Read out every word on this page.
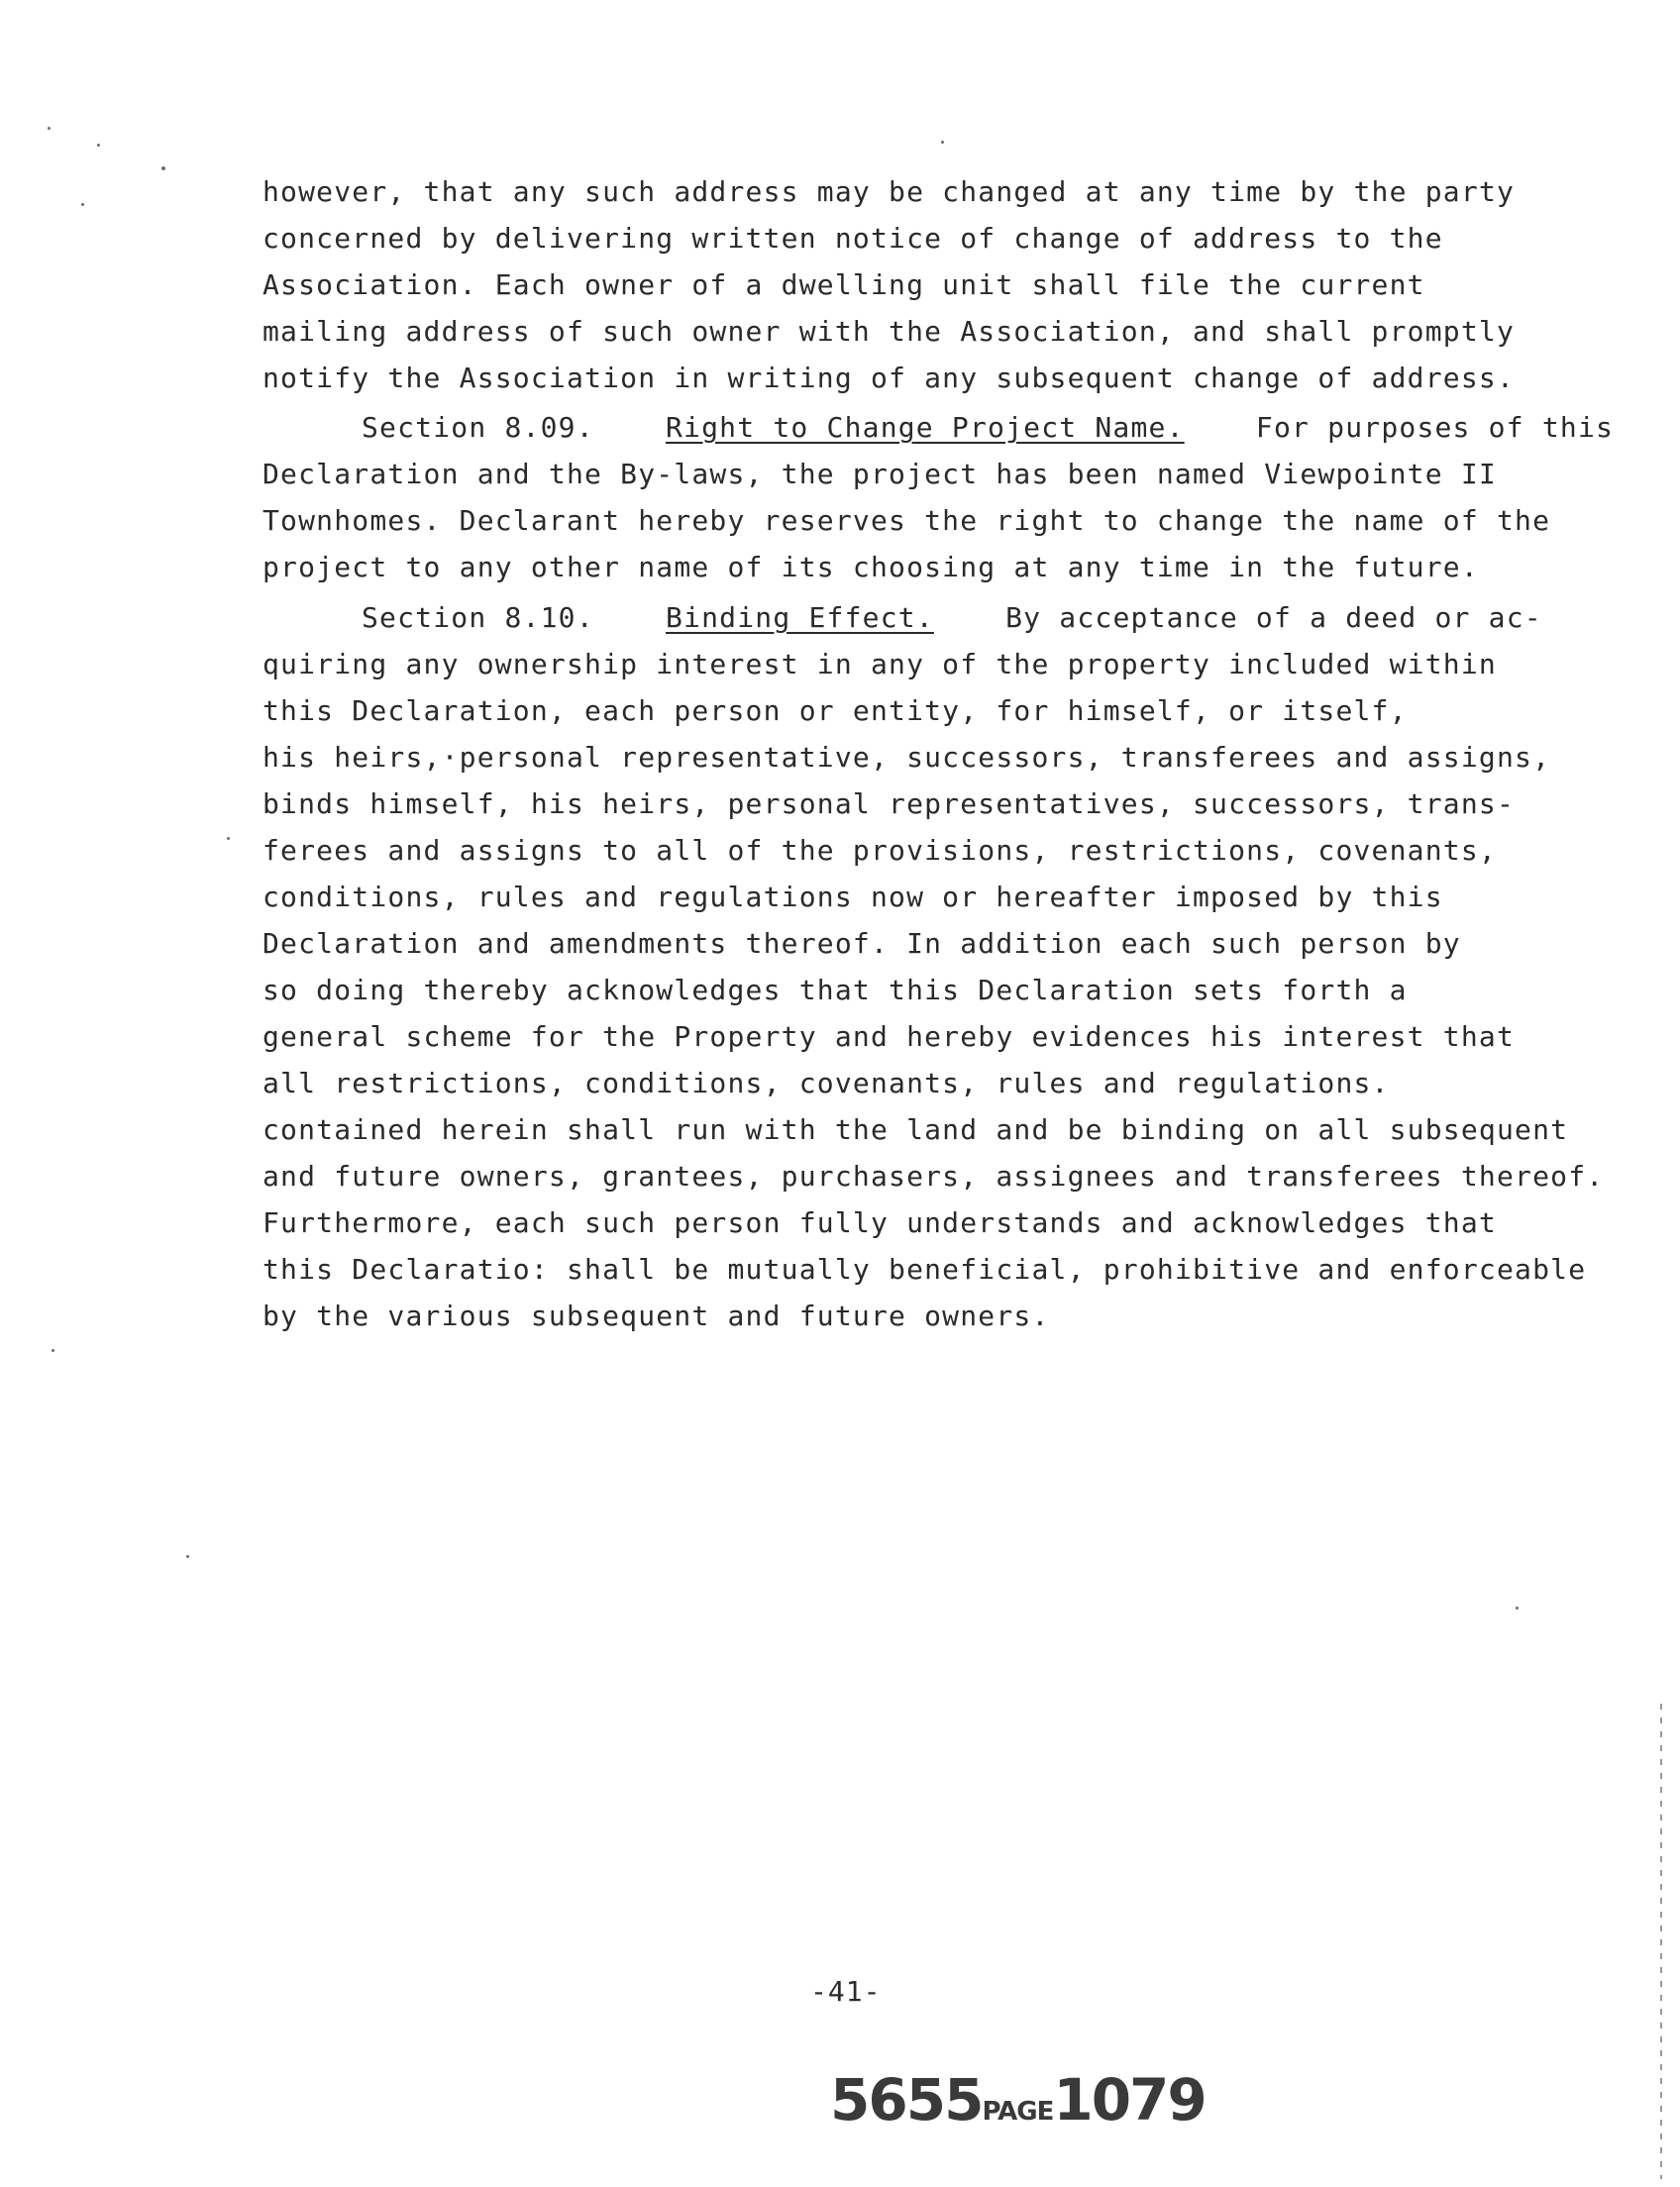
however, that any such address may be changed at any time by the party
concerned by delivering written notice of change of address to the
Association. Each owner of a dwelling unit shall file the current
mailing address of such owner with the Association, and shall promptly
notify the Association in writing of any subsequent change of address.
Section 8.09.	Right to Change Project Name.	For purposes of this
Declaration and the By-laws, the project has been named Viewpointe II
Townhomes. Declarant hereby reserves the right to change the name of the
project to any other name of its choosing at any time in the future.
Section 8.10.	Binding Effect.	By acceptance of a deed or ac-
quiring any ownership interest in any of the property included within
this Declaration, each person or entity, for himself, or itself,
his heirs,·personal representative, successors, transferees and assigns,
binds himself, his heirs, personal representatives, successors, trans-
ferees and assigns to all of the provisions, restrictions, covenants,
conditions, rules and regulations now or hereafter imposed by this
Declaration and amendments thereof. In addition each such person by
so doing thereby acknowledges that this Declaration sets forth a
general scheme for the Property and hereby evidences his interest that
all restrictions, conditions, covenants, rules and regulations.
contained herein shall run with the land and be binding on all subsequent
and future owners, grantees, purchasers, assignees and transferees thereof.
Furthermore, each such person fully understands and acknowledges that
this Declaratio: shall be mutually beneficial, prohibitive and enforceable
by the various subsequent and future owners.
-41-
5655PAGE1079
